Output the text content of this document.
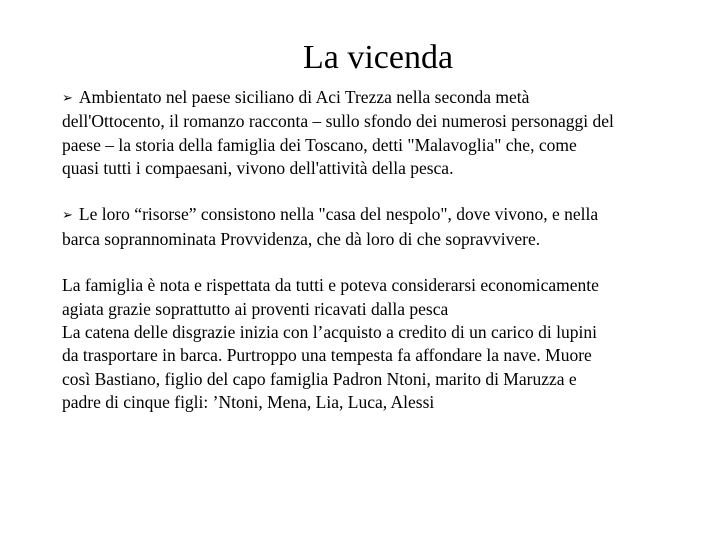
La vicenda
➢ Ambientato nel paese siciliano di Aci Trezza nella seconda metà
dell'Ottocento, il romanzo racconta – sullo sfondo dei numerosi personaggi del
paese – la storia della famiglia dei Toscano, detti "Malavoglia" che, come
quasi tutti i compaesani, vivono dell'attività della pesca.
➢ Le loro “risorse” consistono nella "casa del nespolo", dove vivono, e nella
barca soprannominata Provvidenza, che dà loro di che sopravvivere.
La famiglia è nota e rispettata da tutti e poteva considerarsi economicamente
agiata grazie soprattutto ai proventi ricavati dalla pesca
La catena delle disgrazie inizia con l’acquisto a credito di un carico di lupini
da trasportare in barca. Purtroppo una tempesta fa affondare la nave. Muore
così Bastiano, figlio del capo famiglia Padron Ntoni, marito di Maruzza e
padre di cinque figli: ’Ntoni, Mena, Lia, Luca, Alessi
